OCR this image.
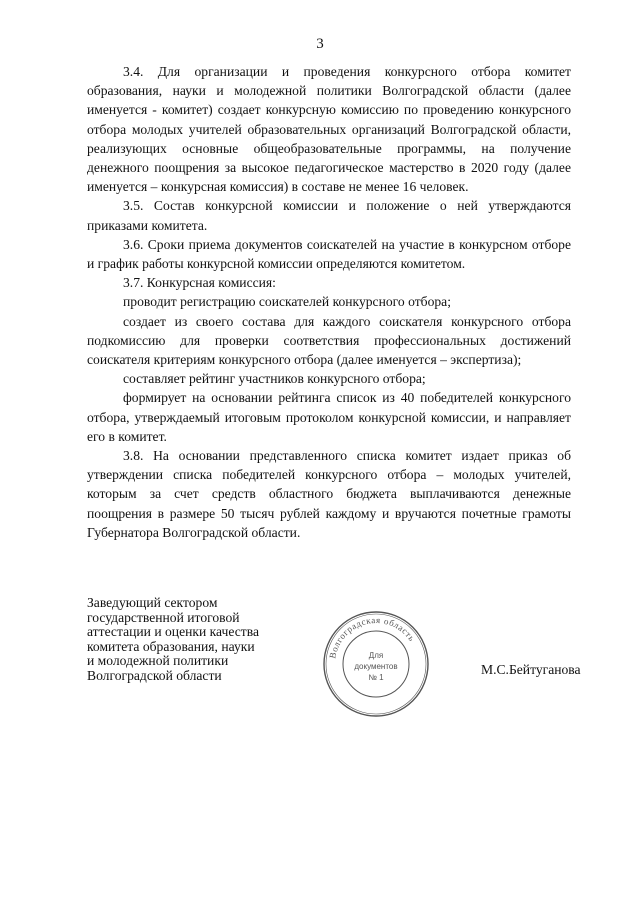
3

3.4. Для организации и проведения конкурсного отбора комитет образования, науки и молодежной политики Волгоградской области (далее именуется - комитет) создает конкурсную комиссию по проведению конкурсного отбора молодых учителей образовательных организаций Волгоградской области, реализующих основные общеобразовательные программы, на получение денежного поощрения за высокое педагогическое мастерство в 2020 году (далее именуется – конкурсная комиссия) в составе не менее 16 человек.

3.5. Состав конкурсной комиссии и положение о ней утверждаются приказами комитета.

3.6. Сроки приема документов соискателей на участие в конкурсном отборе и график работы конкурсной комиссии определяются комитетом.

3.7. Конкурсная комиссия:

проводит регистрацию соискателей конкурсного отбора;

создает из своего состава для каждого соискателя конкурсного отбора подкомиссию для проверки соответствия профессиональных достижений соискателя критериям конкурсного отбора (далее именуется – экспертиза);

составляет рейтинг участников конкурсного отбора;

формирует на основании рейтинга список из 40 победителей конкурсного отбора, утверждаемый итоговым протоколом конкурсной комиссии, и направляет его в комитет.

3.8. На основании представленного списка комитет издает приказ об утверждении списка победителей конкурсного отбора – молодых учителей, которым за счет средств областного бюджета выплачиваются денежные поощрения в размере 50 тысяч рублей каждому и вручаются почетные грамоты Губернатора Волгоградской области.

Заведующий сектором
государственной итоговой
аттестации и оценки качества
комитета образования, науки
и молодежной политики
Волгоградской области
Волгоградская область
Для
документов
№ 1
М.С.Бейтуганова
